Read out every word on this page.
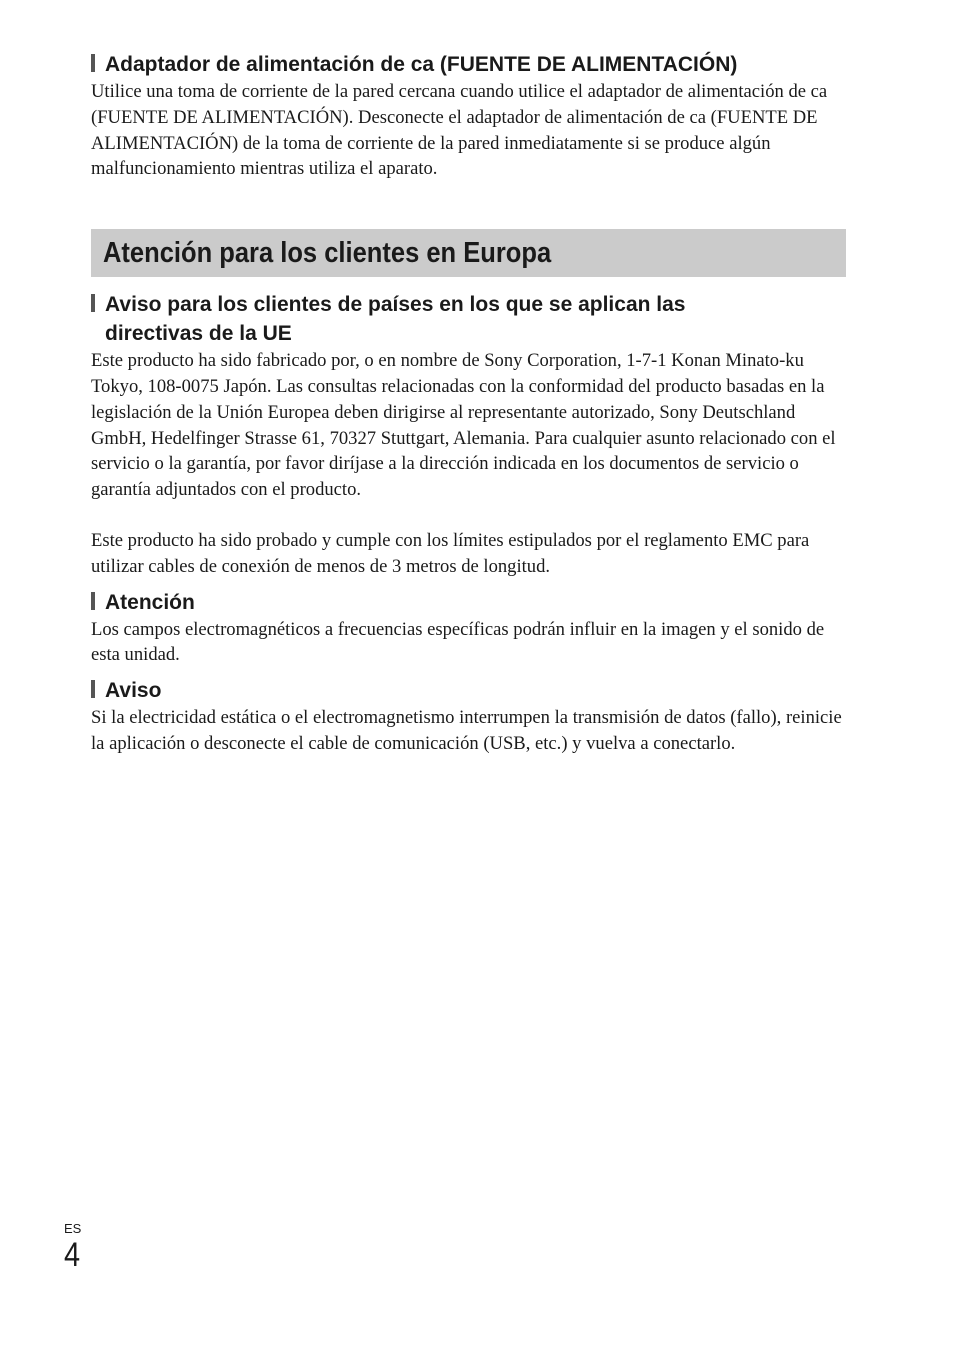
Adaptador de alimentación de ca (FUENTE DE ALIMENTACIÓN)

Utilice una toma de corriente de la pared cercana cuando utilice el adaptador de alimentación de ca (FUENTE DE ALIMENTACIÓN). Desconecte el adaptador de alimentación de ca (FUENTE DE ALIMENTACIÓN) de la toma de corriente de la pared inmediatamente si se produce algún malfuncionamiento mientras utiliza el aparato.

Atención para los clientes en Europa
Aviso para los clientes de países en los que se aplican las
directivas de la UE

Este producto ha sido fabricado por, o en nombre de Sony Corporation, 1-7-1 Konan Minato-ku Tokyo, 108-0075 Japón. Las consultas relacionadas con la conformidad del producto basadas en la legislación de la Unión Europea deben dirigirse al representante autorizado, Sony Deutschland GmbH, Hedelfinger Strasse 61, 70327 Stuttgart, Alemania. Para cualquier asunto relacionado con el servicio o la garantía, por favor diríjase a la dirección indicada en los documentos de servicio o garantía adjuntados con el producto.

Este producto ha sido probado y cumple con los límites estipulados por el reglamento EMC para utilizar cables de conexión de menos de 3 metros de longitud.

Atención

Los campos electromagnéticos a frecuencias específicas podrán influir en la imagen y el sonido de esta unidad.

Aviso

Si la electricidad estática o el electromagnetismo interrumpen la transmisión de datos (fallo), reinicie la aplicación o desconecte el cable de comunicación (USB, etc.) y vuelva a conectarlo.

ES
4
